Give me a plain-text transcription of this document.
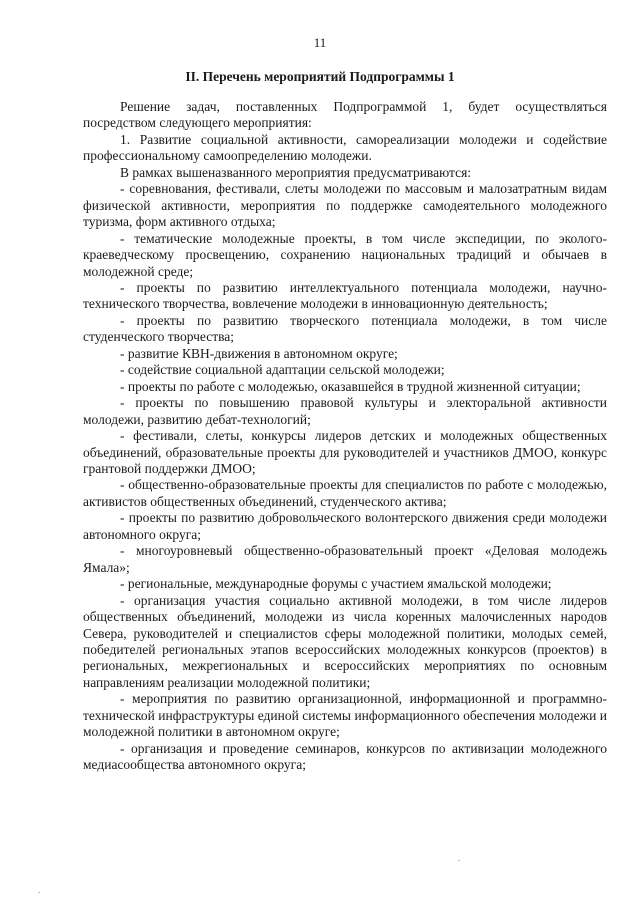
11
II. Перечень мероприятий Подпрограммы 1

Решение задач, поставленных Подпрограммой 1, будет осуществляться посредством следующего мероприятия:

1. Развитие социальной активности, самореализации молодежи и содействие профессиональному самоопределению молодежи.

В рамках вышеназванного мероприятия предусматриваются:

- соревнования, фестивали, слеты молодежи по массовым и малозатратным видам физической активности, мероприятия по поддержке самодеятельного молодежного туризма, форм активного отдыха;

- тематические молодежные проекты, в том числе экспедиции, по эколого-краеведческому просвещению, сохранению национальных традиций и обычаев в молодежной среде;

- проекты по развитию интеллектуального потенциала молодежи, научно-технического творчества, вовлечение молодежи в инновационную деятельность;

- проекты по развитию творческого потенциала молодежи, в том числе студенческого творчества;

- развитие КВН-движения в автономном округе;

- содействие социальной адаптации сельской молодежи;

- проекты по работе с молодежью, оказавшейся в трудной жизненной ситуации;

- проекты по повышению правовой культуры и электоральной активности молодежи, развитию дебат-технологий;

- фестивали, слеты, конкурсы лидеров детских и молодежных общественных объединений, образовательные проекты для руководителей и участников ДМОО, конкурс грантовой поддержки ДМОО;

- общественно-образовательные проекты для специалистов по работе с молодежью, активистов общественных объединений, студенческого актива;

- проекты по развитию добровольческого волонтерского движения среди молодежи автономного округа;

- многоуровневый общественно-образовательный проект «Деловая молодежь Ямала»;

- региональные, международные форумы с участием ямальской молодежи;

- организация участия социально активной молодежи, в том числе лидеров общественных объединений, молодежи из числа коренных малочисленных народов Севера, руководителей и специалистов сферы молодежной политики, молодых семей, победителей региональных этапов всероссийских молодежных конкурсов (проектов) в региональных, межрегиональных и всероссийских мероприятиях по основным направлениям реализации молодежной политики;

- мероприятия по развитию организационной, информационной и программно-технической инфраструктуры единой системы информационного обеспечения молодежи и молодежной политики в автономном округе;

- организация и проведение семинаров, конкурсов по активизации молодежного медиасообщества автономного округа;
